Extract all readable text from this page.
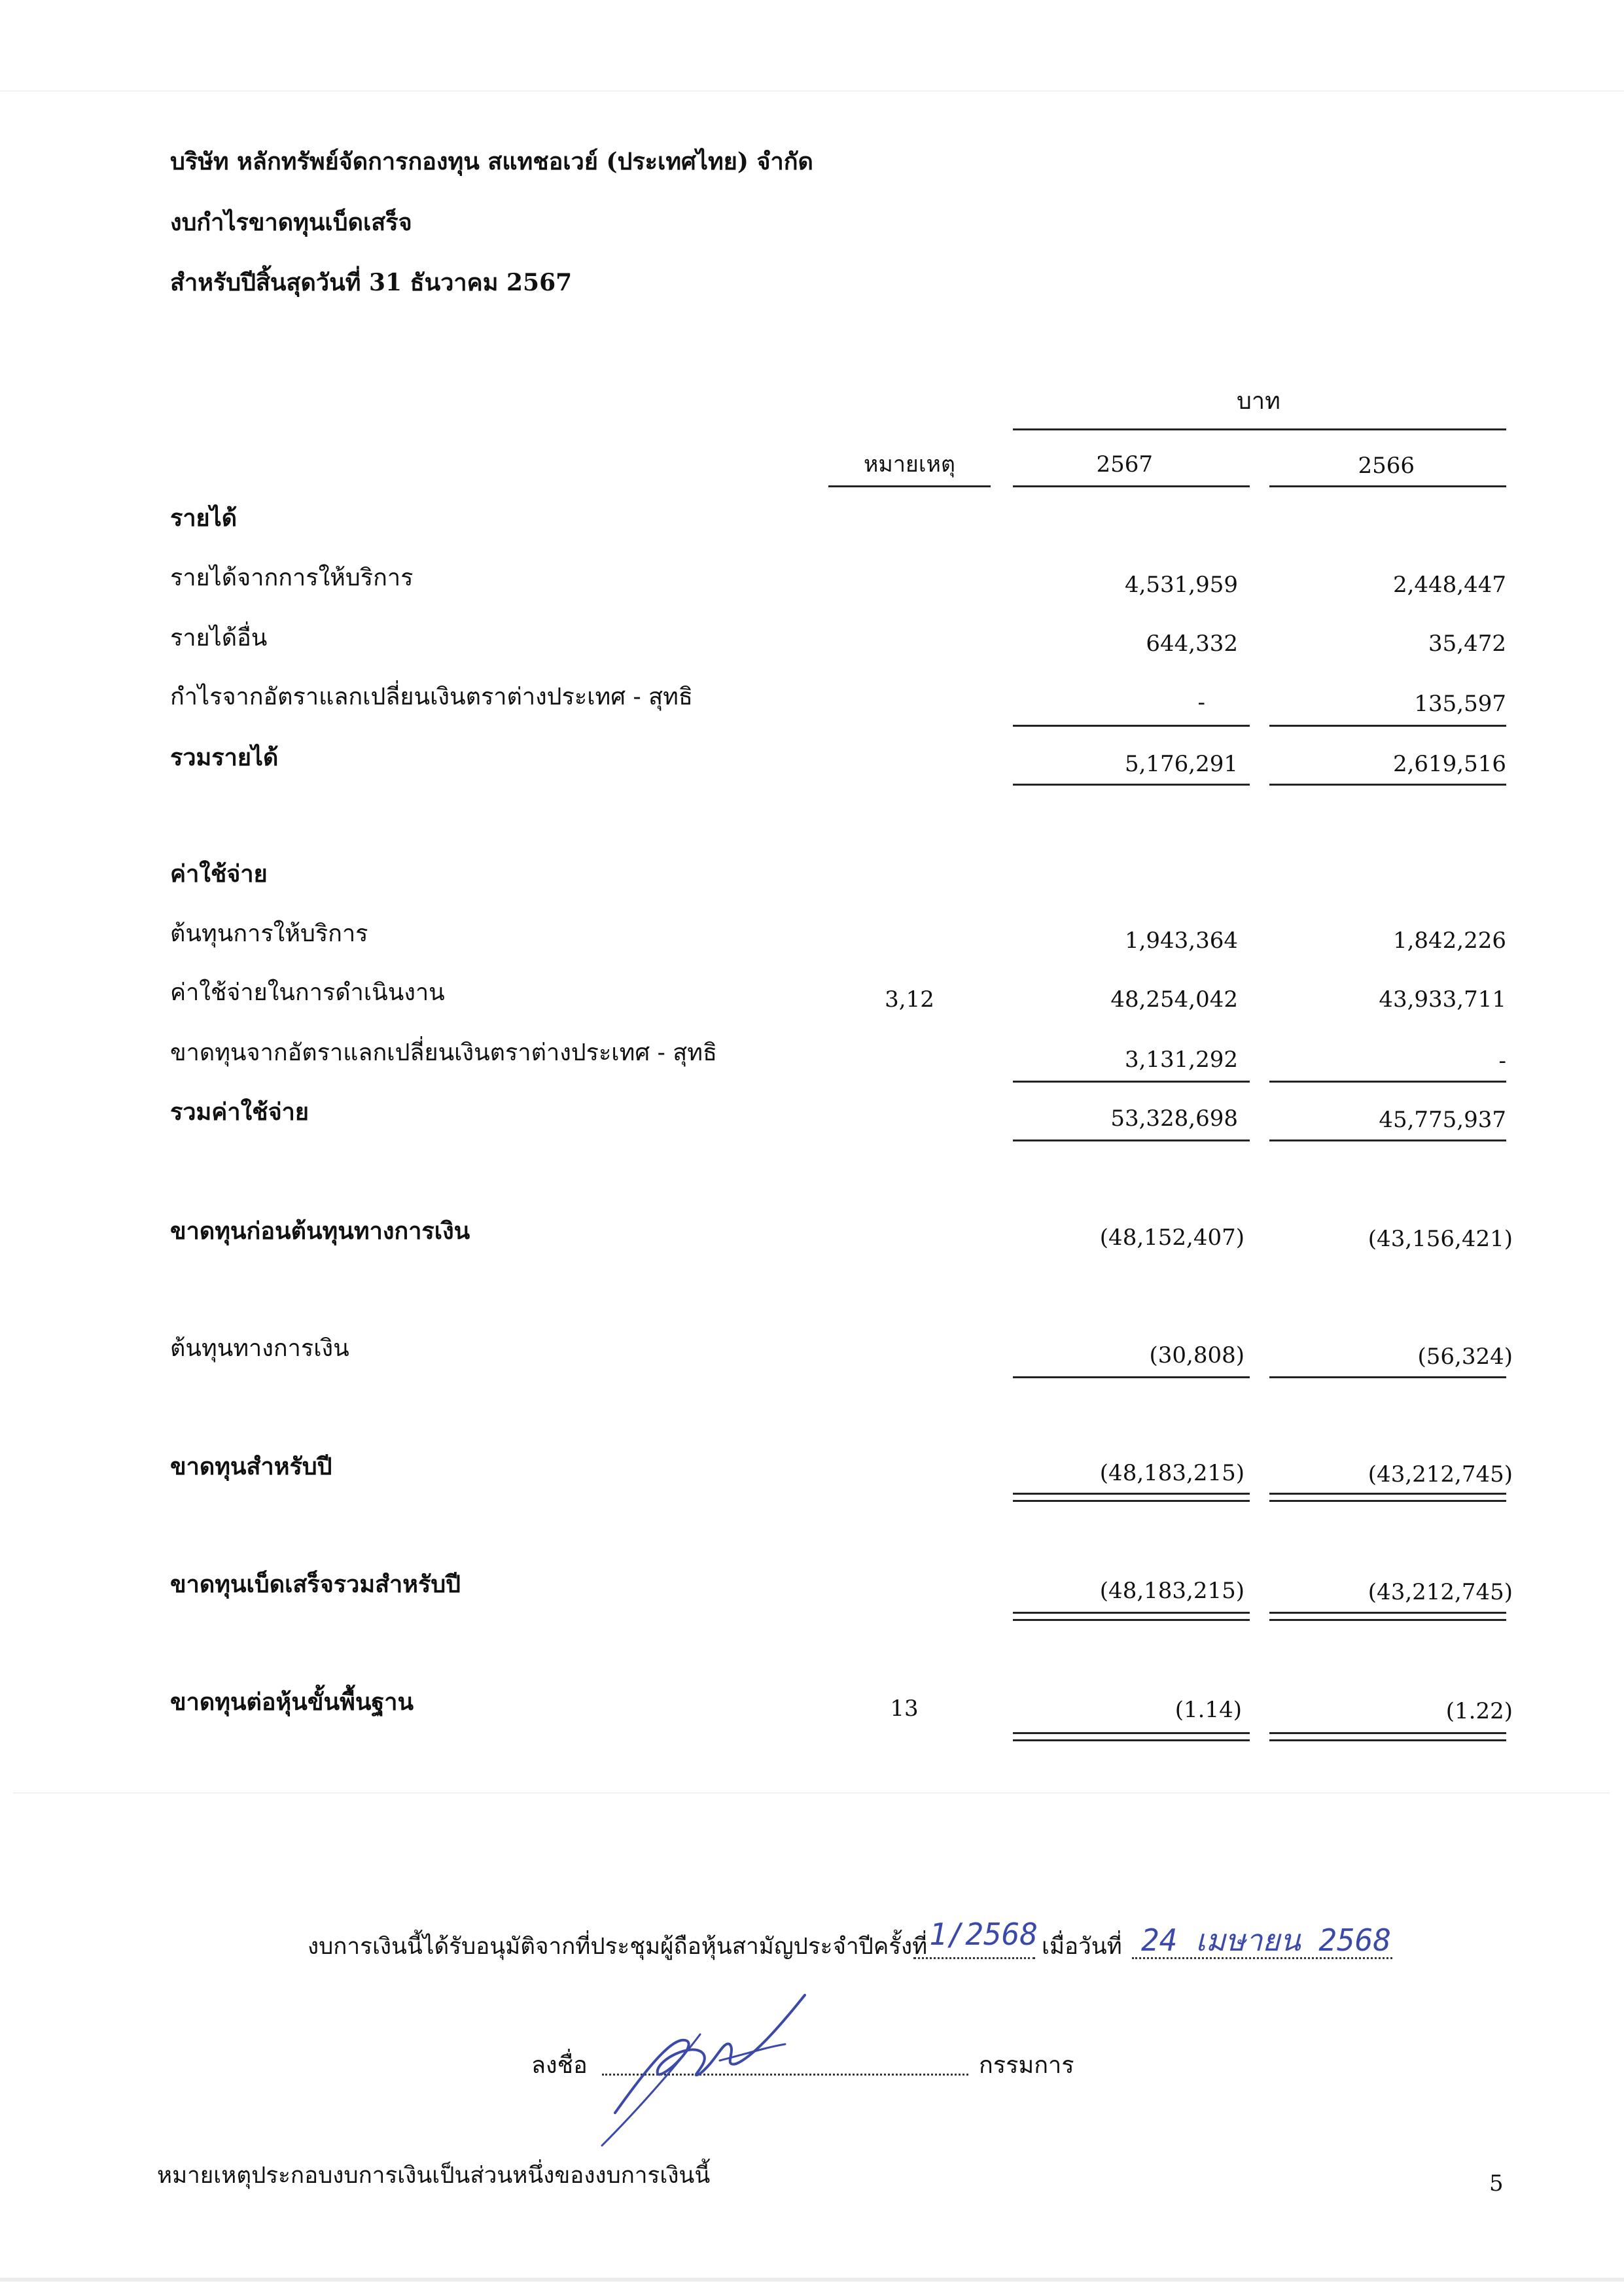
บริษัท หลักทรัพย์จัดการกองทุน สแทชอเวย์ (ประเทศไทย) จำกัด
งบกำไรขาดทุนเบ็ดเสร็จ
สำหรับปีสิ้นสุดวันที่ 31 ธันวาคม 2567
บาท
หมายเหตุ	2567	2566
รายได้
รายได้จากการให้บริการ	4,531,959	2,448,447
รายได้อื่น	644,332	35,472
กำไรจากอัตราแลกเปลี่ยนเงินตราต่างประเทศ - สุทธิ	-	135,597
รวมรายได้	5,176,291	2,619,516
ค่าใช้จ่าย
ต้นทุนการให้บริการ	1,943,364	1,842,226
ค่าใช้จ่ายในการดำเนินงาน	3,12	48,254,042	43,933,711
ขาดทุนจากอัตราแลกเปลี่ยนเงินตราต่างประเทศ - สุทธิ	3,131,292	-
รวมค่าใช้จ่าย	53,328,698	45,775,937
ขาดทุนก่อนต้นทุนทางการเงิน	(48,152,407)	(43,156,421)
ต้นทุนทางการเงิน	(30,808)	(56,324)
ขาดทุนสำหรับปี	(48,183,215)	(43,212,745)
ขาดทุนเบ็ดเสร็จรวมสำหรับปี	(48,183,215)	(43,212,745)
ขาดทุนต่อหุ้นขั้นพื้นฐาน	13	(1.14)	(1.22)
งบการเงินนี้ได้รับอนุมัติจากที่ประชุมผู้ถือหุ้นสามัญประจำปีครั้งที่ 1/2568 เมื่อวันที่ 24 เมษายน 2568
ลงชื่อ	กรรมการ
หมายเหตุประกอบงบการเงินเป็นส่วนหนึ่งของงบการเงินนี้	5
